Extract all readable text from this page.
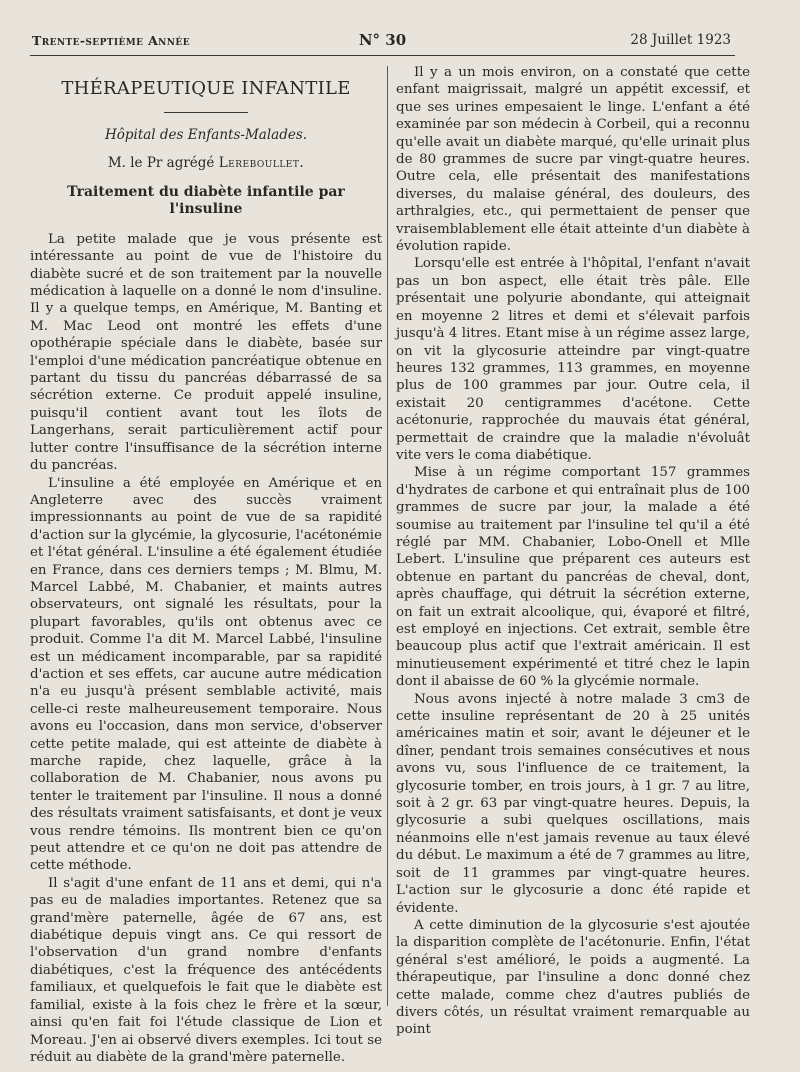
Trente-septième Année	N° 30	28 Juillet 1923
THÉRAPEUTIQUE INFANTILE
Hôpital des Enfants-Malades.
M. le Pr agrégé Lereboullet.
Traitement du diabète infantile par l'insuline

La petite malade que je vous présente est intéressante au point de vue de l'histoire du diabète sucré et de son traitement par la nouvelle médication à laquelle on a donné le nom d'insuline. Il y a quelque temps, en Amérique, M. Banting et M. Mac Leod ont montré les effets d'une opothérapie spéciale dans le diabète, basée sur l'emploi d'une médication pancréatique obtenue en partant du tissu du pancréas débarrassé de sa sécrétion externe. Ce produit appelé insuline, puisqu'il contient avant tout les îlots de Langerhans, serait particulièrement actif pour lutter contre l'insuffisance de la sécrétion interne du pancréas.

L'insuline a été employée en Amérique et en Angleterre avec des succès vraiment impressionnants au point de vue de sa rapidité d'action sur la glycémie, la glycosurie, l'acétonémie et l'état général. L'insuline a été également étudiée en France, dans ces derniers temps ; M. Blmu, M. Marcel Labbé, M. Chabanier, et maints autres observateurs, ont signalé les résultats, pour la plupart favorables, qu'ils ont obtenus avec ce produit. Comme l'a dit M. Marcel Labbé, l'insuline est un médicament incomparable, par sa rapidité d'action et ses effets, car aucune autre médication n'a eu jusqu'à présent semblable activité, mais celle-ci reste malheureusement temporaire. Nous avons eu l'occasion, dans mon service, d'observer cette petite malade, qui est atteinte de diabète à marche rapide, chez laquelle, grâce à la collaboration de M. Chabanier, nous avons pu tenter le traitement par l'insuline. Il nous a donné des résultats vraiment satisfaisants, et dont je veux vous rendre témoins. Ils montrent bien ce qu'on peut attendre et ce qu'on ne doit pas attendre de cette méthode.

Il s'agit d'une enfant de 11 ans et demi, qui n'a pas eu de maladies importantes. Retenez que sa grand'mère paternelle, âgée de 67 ans, est diabétique depuis vingt ans. Ce qui ressort de l'observation d'un grand nombre d'enfants diabétiques, c'est la fréquence des antécédents familiaux, et quelquefois le fait que le diabète est familial, existe à la fois chez le frère et la sœur, ainsi qu'en fait foi l'étude classique de Lion et Moreau. J'en ai observé divers exemples. Ici tout se réduit au diabète de la grand'mère paternelle.

Il y a un mois environ, on a constaté que cette enfant maigrissait, malgré un appétit excessif, et que ses urines empesaient le linge. L'enfant a été examinée par son médecin à Corbeil, qui a reconnu qu'elle avait un diabète marqué, qu'elle urinait plus de 80 grammes de sucre par vingt-quatre heures. Outre cela, elle présentait des manifestations diverses, du malaise général, des douleurs, des arthralgies, etc., qui permettaient de penser que vraisemblablement elle était atteinte d'un diabète à évolution rapide.

Lorsqu'elle est entrée à l'hôpital, l'enfant n'avait pas un bon aspect, elle était très pâle. Elle présentait une polyurie abondante, qui atteignait en moyenne 2 litres et demi et s'élevait parfois jusqu'à 4 litres. Etant mise à un régime assez large, on vit la glycosurie atteindre par vingt-quatre heures 132 grammes, 113 grammes, en moyenne plus de 100 grammes par jour. Outre cela, il existait 20 centigrammes d'acétone. Cette acétonurie, rapprochée du mauvais état général, permettait de craindre que la maladie n'évoluât vite vers le coma diabétique.

Mise à un régime comportant 157 grammes d'hydrates de carbone et qui entraînait plus de 100 grammes de sucre par jour, la malade a été soumise au traitement par l'insuline tel qu'il a été réglé par MM. Chabanier, Lobo-Onell et Mlle Lebert. L'insuline que préparent ces auteurs est obtenue en partant du pancréas de cheval, dont, après chauffage, qui détruit la sécrétion externe, on fait un extrait alcoolique, qui, évaporé et filtré, est employé en injections. Cet extrait, semble être beaucoup plus actif que l'extrait américain. Il est minutieusement expérimenté et titré chez le lapin dont il abaisse de 60 % la glycémie normale.

Nous avons injecté à notre malade 3 cm3 de cette insuline représentant de 20 à 25 unités américaines matin et soir, avant le déjeuner et le dîner, pendant trois semaines consécutives et nous avons vu, sous l'influence de ce traitement, la glycosurie tomber, en trois jours, à 1 gr. 7 au litre, soit à 2 gr. 63 par vingt-quatre heures. Depuis, la glycosurie a subi quelques oscillations, mais néanmoins elle n'est jamais revenue au taux élevé du début. Le maximum a été de 7 grammes au litre, soit de 11 grammes par vingt-quatre heures. L'action sur le glycosurie a donc été rapide et évidente.

A cette diminution de la glycosurie s'est ajoutée la disparition complète de l'acétonurie. Enfin, l'état général s'est amélioré, le poids a augmenté. La thérapeutique, par l'insuline a donc donné chez cette malade, comme chez d'autres publiés de divers côtés, un résultat vraiment remarquable au point
